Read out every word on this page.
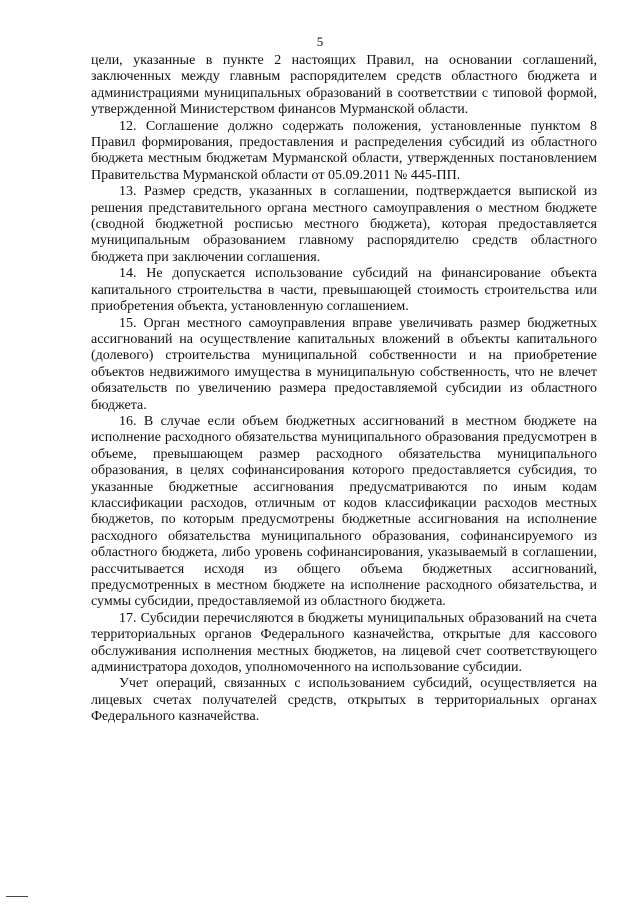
5

цели, указанные в пункте 2 настоящих Правил, на основании соглашений, заключенных между главным распорядителем средств областного бюджета и администрациями муниципальных образований в соответствии с типовой формой, утвержденной Министерством финансов Мурманской области.

12. Соглашение должно содержать положения, установленные пунктом 8 Правил формирования, предоставления и распределения субсидий из областного бюджета местным бюджетам Мурманской области, утвержденных постановлением Правительства Мурманской области от 05.09.2011 № 445-ПП.

13. Размер средств, указанных в соглашении, подтверждается выпиской из решения представительного органа местного самоуправления о местном бюджете (сводной бюджетной росписью местного бюджета), которая предоставляется муниципальным образованием главному распорядителю средств областного бюджета при заключении соглашения.

14. Не допускается использование субсидий на финансирование объекта капитального строительства в части, превышающей стоимость строительства или приобретения объекта, установленную соглашением.

15. Орган местного самоуправления вправе увеличивать размер бюджетных ассигнований на осуществление капитальных вложений в объекты капитального (долевого) строительства муниципальной собственности и на приобретение объектов недвижимого имущества в муниципальную собственность, что не влечет обязательств по увеличению размера предоставляемой субсидии из областного бюджета.

16. В случае если объем бюджетных ассигнований в местном бюджете на исполнение расходного обязательства муниципального образования предусмотрен в объеме, превышающем размер расходного обязательства муниципального образования, в целях софинансирования которого предоставляется субсидия, то указанные бюджетные ассигнования предусматриваются по иным кодам классификации расходов, отличным от кодов классификации расходов местных бюджетов, по которым предусмотрены бюджетные ассигнования на исполнение расходного обязательства муниципального образования, софинансируемого из областного бюджета, либо уровень софинансирования, указываемый в соглашении, рассчитывается исходя из общего объема бюджетных ассигнований, предусмотренных в местном бюджете на исполнение расходного обязательства, и суммы субсидии, предоставляемой из областного бюджета.

17. Субсидии перечисляются в бюджеты муниципальных образований на счета территориальных органов Федерального казначейства, открытые для кассового обслуживания исполнения местных бюджетов, на лицевой счет соответствующего администратора доходов, уполномоченного на использование субсидии.

Учет операций, связанных с использованием субсидий, осуществляется на лицевых счетах получателей средств, открытых в территориальных органах Федерального казначейства.
